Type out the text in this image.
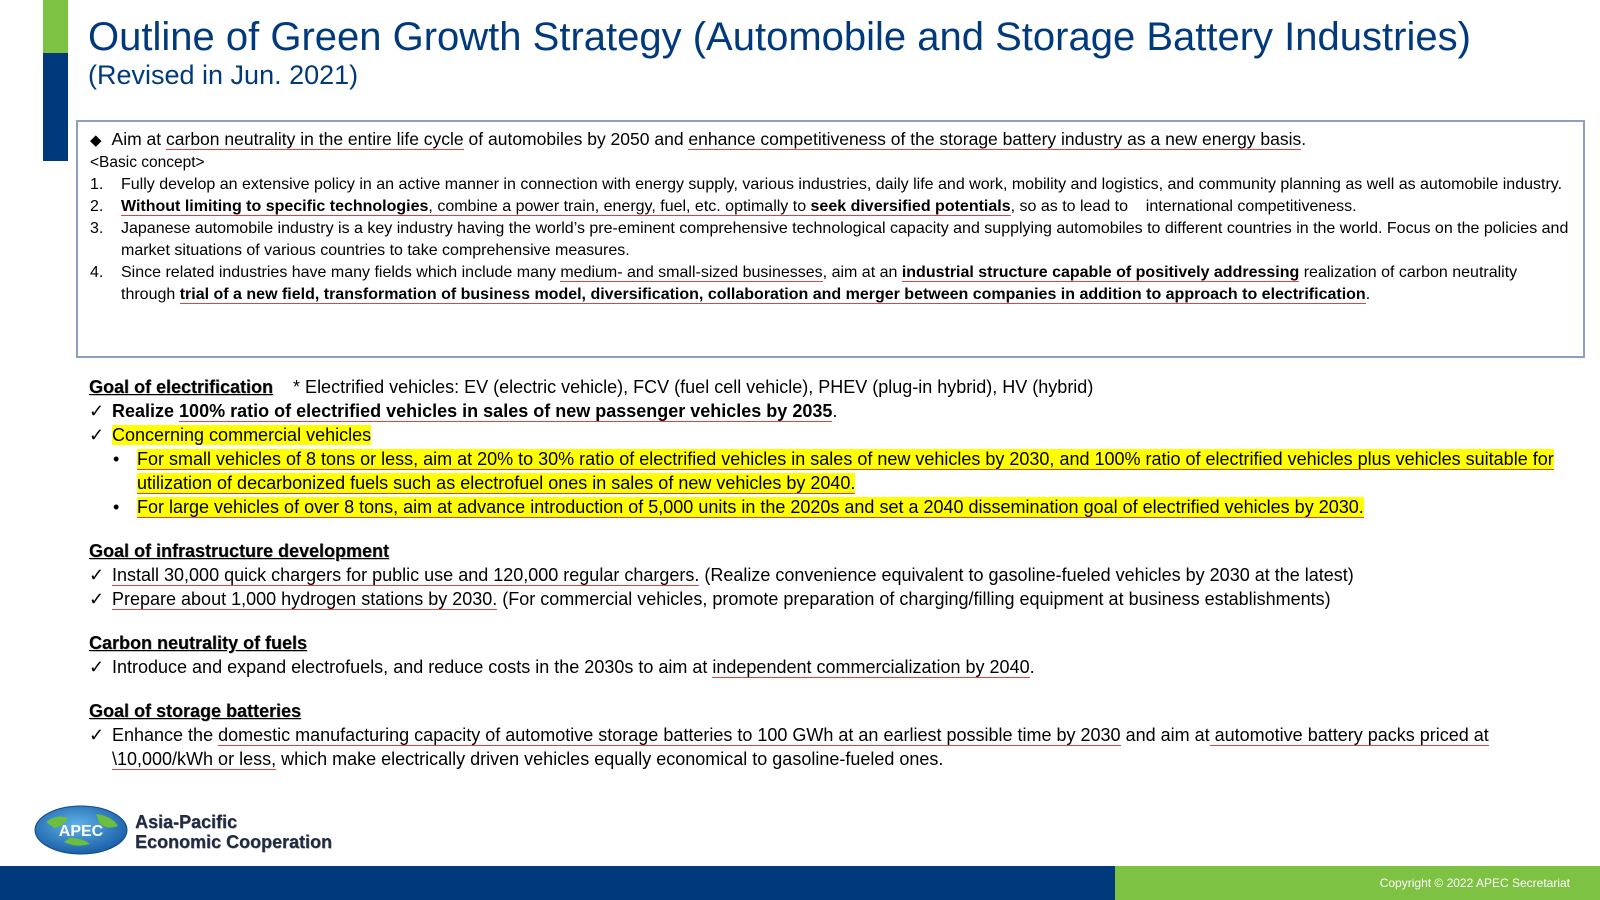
Outline of Green Growth Strategy (Automobile and Storage Battery Industries)
(Revised in Jun. 2021)
◆ Aim at carbon neutrality in the entire life cycle of automobiles by 2050 and enhance competitiveness of the storage battery industry as a new energy basis.
<Basic concept>
1. Fully develop an extensive policy in an active manner in connection with energy supply, various industries, daily life and work, mobility and logistics, and community planning as well as automobile industry.
2. Without limiting to specific technologies, combine a power train, energy, fuel, etc. optimally to seek diversified potentials, so as to lead to    international competitiveness.
3. Japanese automobile industry is a key industry having the world’s pre-eminent comprehensive technological capacity and supplying automobiles to different countries in the world. Focus on the policies and market situations of various countries to take comprehensive measures.
4. Since related industries have many fields which include many medium- and small-sized businesses, aim at an industrial structure capable of positively addressing realization of carbon neutrality through trial of a new field, transformation of business model, diversification, collaboration and merger between companies in addition to approach to electrification.
Goal of electrification    * Electrified vehicles: EV (electric vehicle), FCV (fuel cell vehicle), PHEV (plug-in hybrid), HV (hybrid)
✓ Realize 100% ratio of electrified vehicles in sales of new passenger vehicles by 2035.
✓ Concerning commercial vehicles
• For small vehicles of 8 tons or less, aim at 20% to 30% ratio of electrified vehicles in sales of new vehicles by 2030, and 100% ratio of electrified vehicles plus vehicles suitable for utilization of decarbonized fuels such as electrofuel ones in sales of new vehicles by 2040.
• For large vehicles of over 8 tons, aim at advance introduction of 5,000 units in the 2020s and set a 2040 dissemination goal of electrified vehicles by 2030.
Goal of infrastructure development
✓ Install 30,000 quick chargers for public use and 120,000 regular chargers. (Realize convenience equivalent to gasoline-fueled vehicles by 2030 at the latest)
✓ Prepare about 1,000 hydrogen stations by 2030. (For commercial vehicles, promote preparation of charging/filling equipment at business establishments)
Carbon neutrality of fuels
✓ Introduce and expand electrofuels, and reduce costs in the 2030s to aim at independent commercialization by 2040.
Goal of storage batteries
✓ Enhance the domestic manufacturing capacity of automotive storage batteries to 100 GWh at an earliest possible time by 2030 and aim at automotive battery packs priced at \10,000/kWh or less, which make electrically driven vehicles equally economical to gasoline-fueled ones.
APEC Asia-Pacific
Economic Cooperation
Copyright © 2022 APEC Secretariat
